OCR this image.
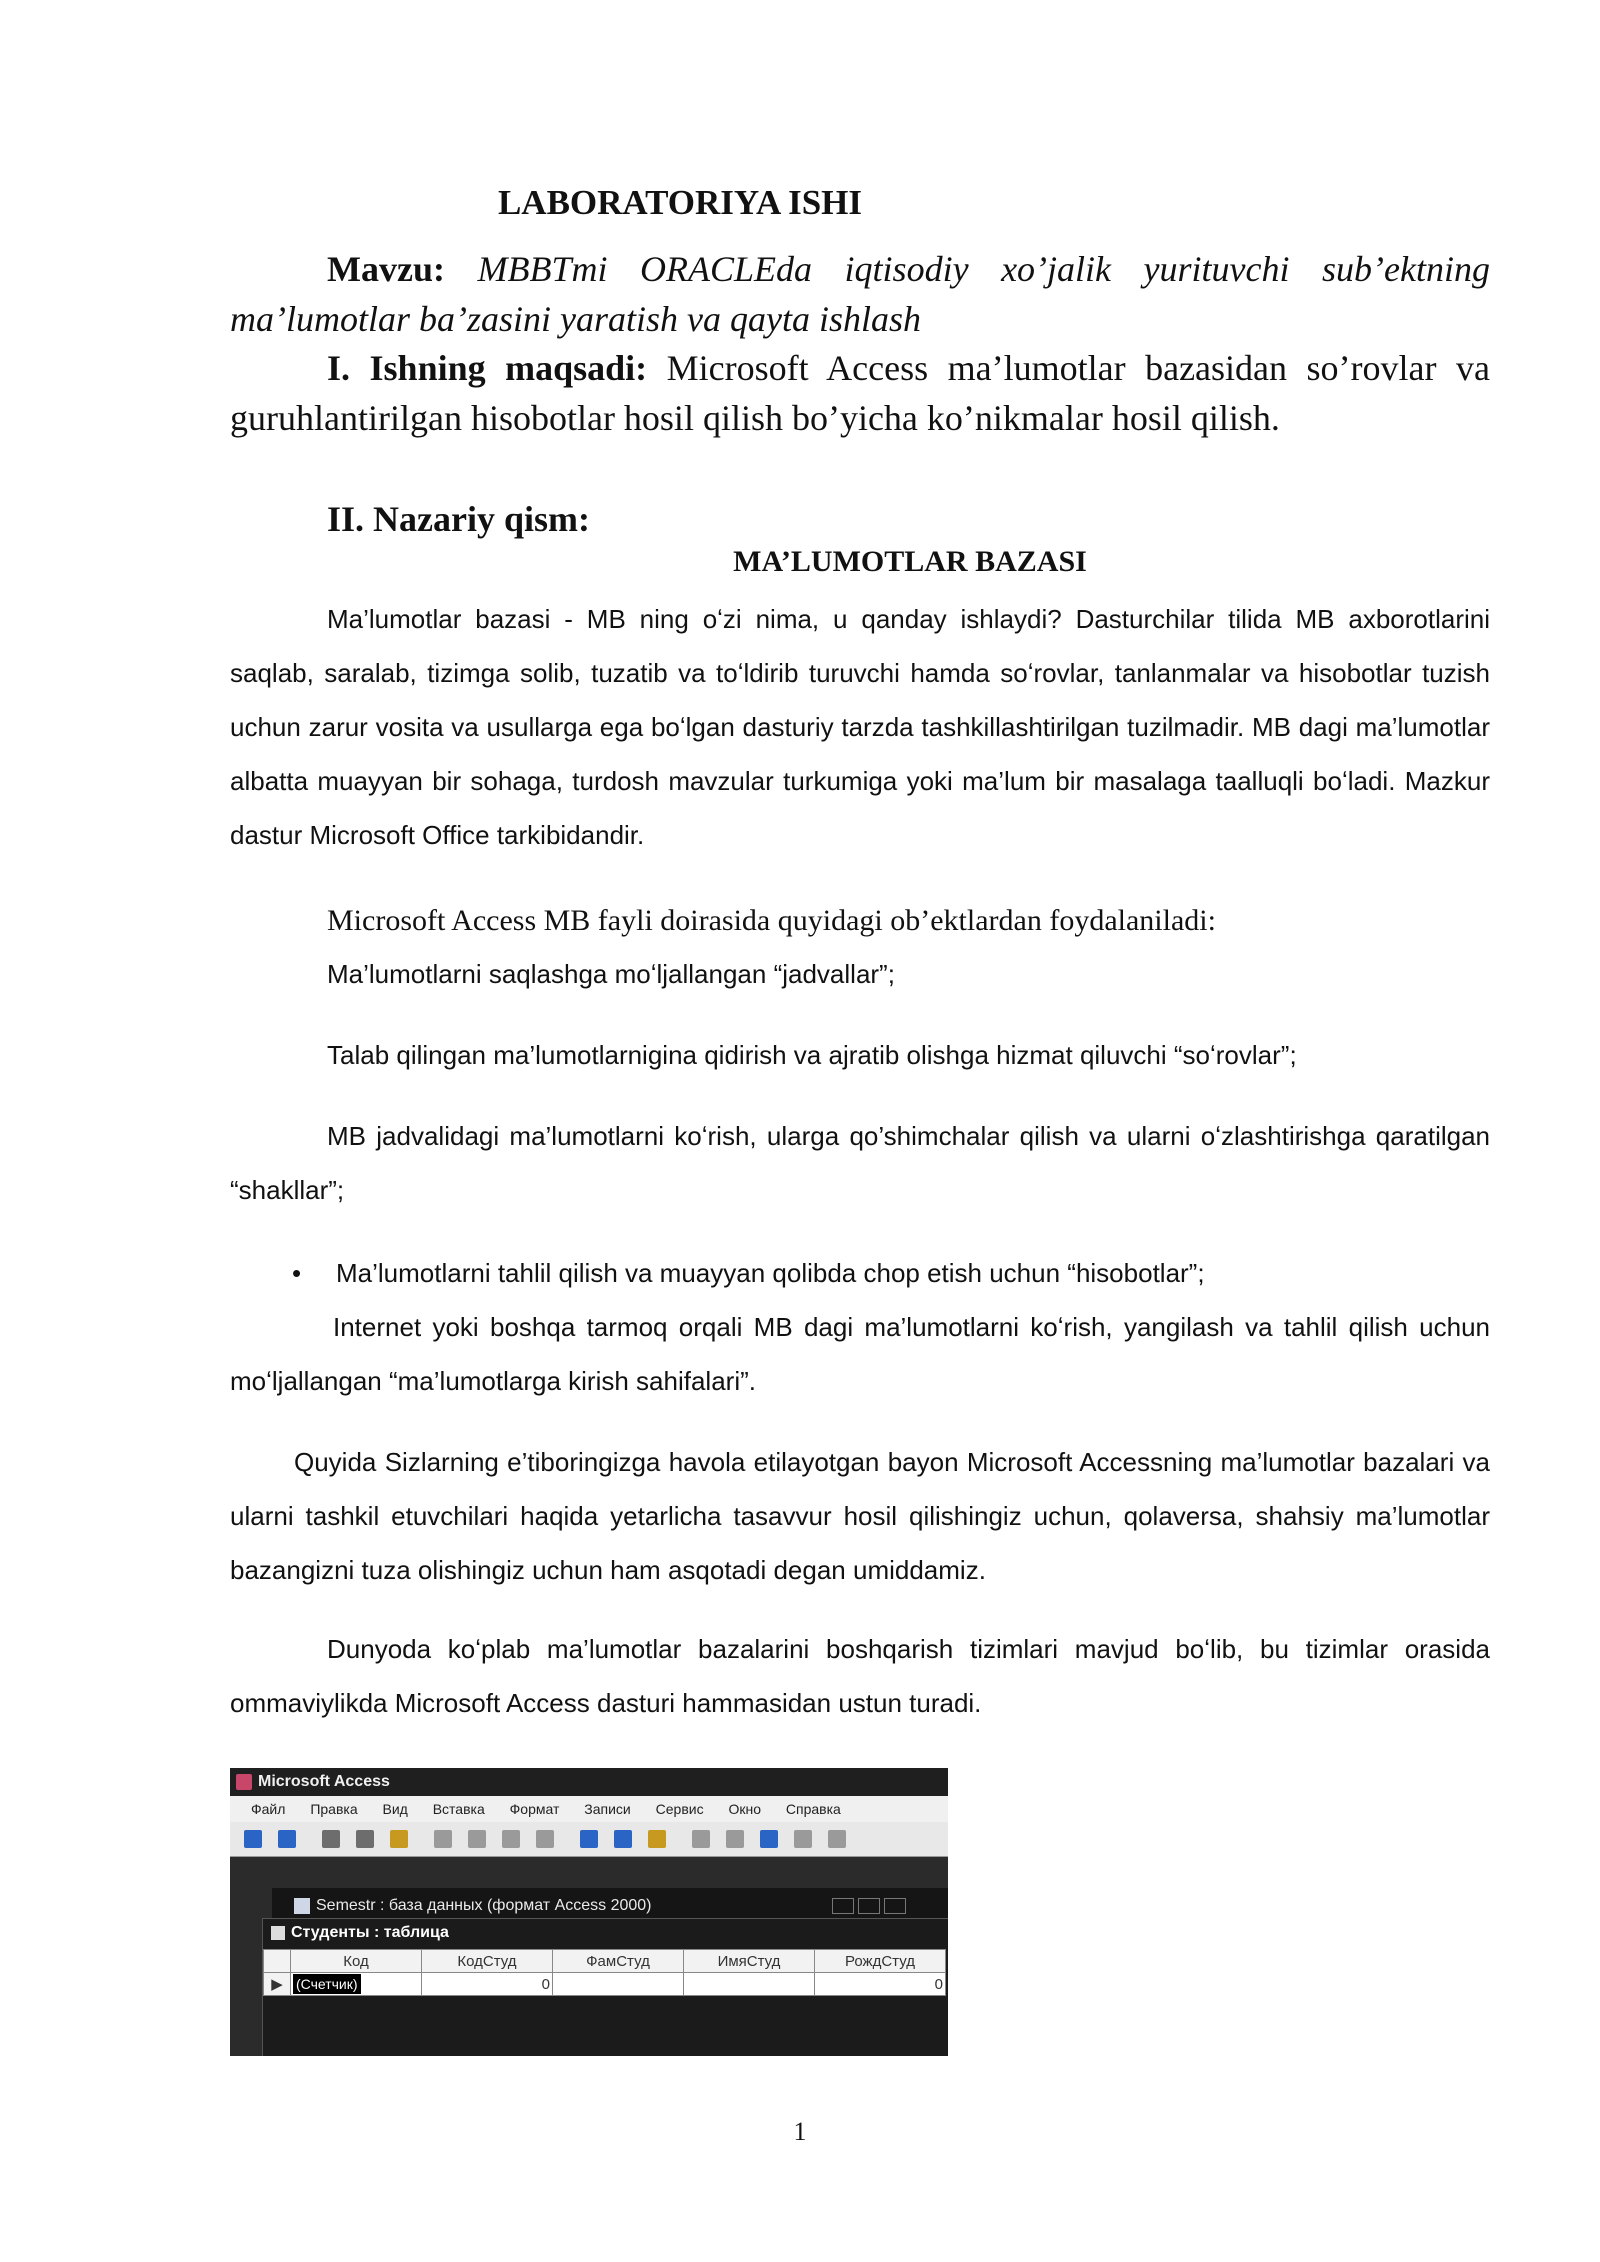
LABORATORIYA ISHI
Mavzu: MBBTmi ORACLEda iqtisodiy xo’jalik yurituvchi sub’ektning ma’lumotlar ba’zasini yaratish va qayta ishlash
I. Ishning maqsadi: Microsoft Access ma’lumotlar bazasidan so’rovlar va guruhlantirilgan hisobotlar hosil qilish bo’yicha ko’nikmalar hosil qilish.
II. Nazariy qism:
MA’LUMOTLAR BAZASI
Ma’lumotlar bazasi - MB ning oʻzi nima, u qanday ishlaydi? Dasturchilar tilida MB axborotlarini saqlab, saralab, tizimga solib, tuzatib va toʻldirib turuvchi hamda soʻrovlar, tanlanmalar va hisobotlar tuzish uchun zarur vosita va usullarga ega boʻlgan dasturiy tarzda tashkillashtirilgan tuzilmadir. MB dagi ma’lumotlar albatta muayyan bir sohaga, turdosh mavzular turkumiga yoki ma’lum bir masalaga taalluqli boʻladi. Mazkur dastur Microsoft Office tarkibidandir.
Microsoft Access MB fayli doirasida quyidagi ob’ektlardan foydalaniladi:
Ma’lumotlarni saqlashga moʻljallangan “jadvallar”;
Talab qilingan ma’lumotlarnigina qidirish va ajratib olishga hizmat qiluvchi “soʻrovlar”;
MB jadvalidagi ma’lumotlarni koʻrish, ularga qo’shimchalar qilish va ularni oʻzlashtirishga qaratilgan “shakllar”;
Internet yoki boshqa tarmoq orqali MB dagi ma’lumotlarni koʻrish, yangilash va tahlil qilish uchun moʻljallangan “ma’lumotlarga kirish sahifalari”.
Quyida Sizlarning e’tiboringizga havola etilayotgan bayon Microsoft Accessning ma’lumotlar bazalari va ularni tashkil etuvchilari haqida yetarlicha tasavvur hosil qilishingiz uchun, qolaversa, shahsiy ma’lumotlar bazangizni tuza olishingiz uchun ham asqotadi degan umiddamiz.
Dunyoda koʻplab ma’lumotlar bazalarini boshqarish tizimlari mavjud boʻlib, bu tizimlar orasida ommaviylikda Microsoft Access dasturi hammasidan ustun turadi.
• Ma’lumotlarni tahlil qilish va muayyan qolibda chop etish uchun “hisobotlar”;
Microsoft Access
Файл Правка Вид Вставка Формат Записи Сервис Окно Справка
Semestr : база данных (формат Access 2000)
Студенты : таблица
	Код	КодСтуд	ФамСтуд	ИмяСтуд	РождСтуд
▶	(Счетчик)	0			0
1
